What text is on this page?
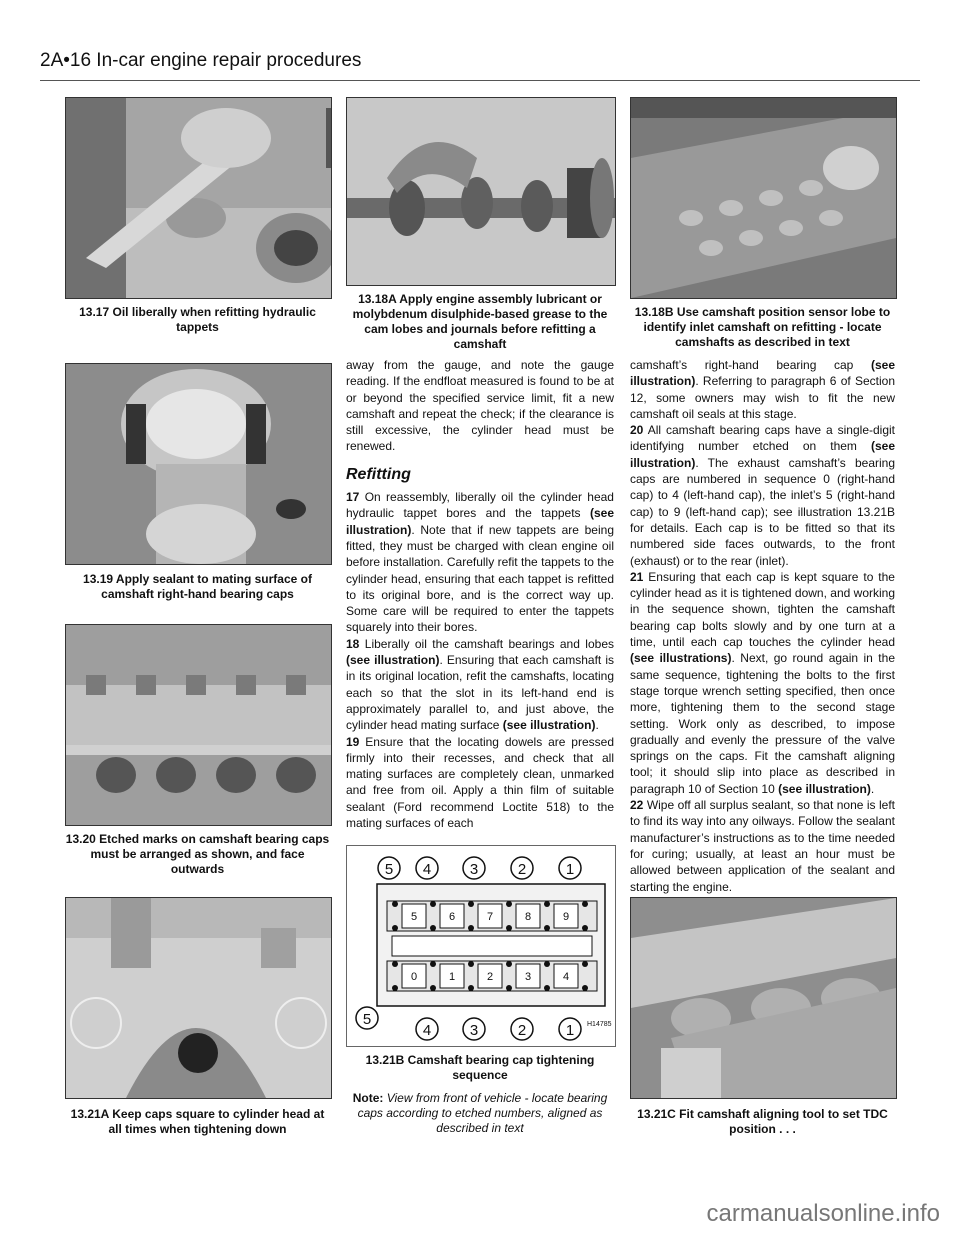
2A•16 In-car engine repair procedures
13.17 Oil liberally when refitting hydraulic tappets
13.18A Apply engine assembly lubricant or molybdenum disulphide-based grease to the cam lobes and journals before refitting a camshaft
13.18B Use camshaft position sensor lobe to identify inlet camshaft on refitting - locate camshafts as described in text
13.19 Apply sealant to mating surface of camshaft right-hand bearing caps
13.20 Etched marks on camshaft bearing caps must be arranged as shown, and face outwards
13.21A Keep caps square to cylinder head at all times when tightening down

away from the gauge, and note the gauge reading. If the endfloat measured is found to be at or beyond the specified service limit, fit a new camshaft and repeat the check; if the clearance is still excessive, the cylinder head must be renewed.

Refitting

17 On reassembly, liberally oil the cylinder head hydraulic tappet bores and the tappets (see illustration). Note that if new tappets are being fitted, they must be charged with clean engine oil before installation. Carefully refit the tappets to the cylinder head, ensuring that each tappet is refitted to its original bore, and is the correct way up. Some care will be required to enter the tappets squarely into their bores.

18 Liberally oil the camshaft bearings and lobes (see illustration). Ensuring that each camshaft is in its original location, refit the camshafts, locating each so that the slot in its left-hand end is approximately parallel to, and just above, the cylinder head mating surface (see illustration).

19 Ensure that the locating dowels are pressed firmly into their recesses, and check that all mating surfaces are completely clean, unmarked and free from oil. Apply a thin film of suitable sealant (Ford recommend Loctite 518) to the mating surfaces of each

5	6	7	8	9
0	1	2	3	4
5 4	3	2	1
5
4	3	2	1 H14785
13.21B Camshaft bearing cap tightening sequence
Note: View from front of vehicle - locate bearing caps according to etched numbers, aligned as described in text

camshaft’s right-hand bearing cap (see illustration). Referring to paragraph 6 of Section 12, some owners may wish to fit the new camshaft oil seals at this stage.

20 All camshaft bearing caps have a single-digit identifying number etched on them (see illustration). The exhaust camshaft’s bearing caps are numbered in sequence 0 (right-hand cap) to 4 (left-hand cap), the inlet’s 5 (right-hand cap) to 9 (left-hand cap); see illustration 13.21B for details. Each cap is to be fitted so that its numbered side faces outwards, to the front (exhaust) or to the rear (inlet).

21 Ensuring that each cap is kept square to the cylinder head as it is tightened down, and working in the sequence shown, tighten the camshaft bearing cap bolts slowly and by one turn at a time, until each cap touches the cylinder head (see illustrations). Next, go round again in the same sequence, tightening the bolts to the first stage torque wrench setting specified, then once more, tightening them to the second stage setting. Work only as described, to impose gradually and evenly the pressure of the valve springs on the caps. Fit the camshaft aligning tool; it should slip into place as described in paragraph 10 of Section 10 (see illustration).

22 Wipe off all surplus sealant, so that none is left to find its way into any oilways. Follow the sealant manufacturer’s instructions as to the time needed for curing; usually, at least an hour must be allowed between application of the sealant and starting the engine.

13.21C Fit camshaft aligning tool to set TDC position . . .
carmanualsonline.info
